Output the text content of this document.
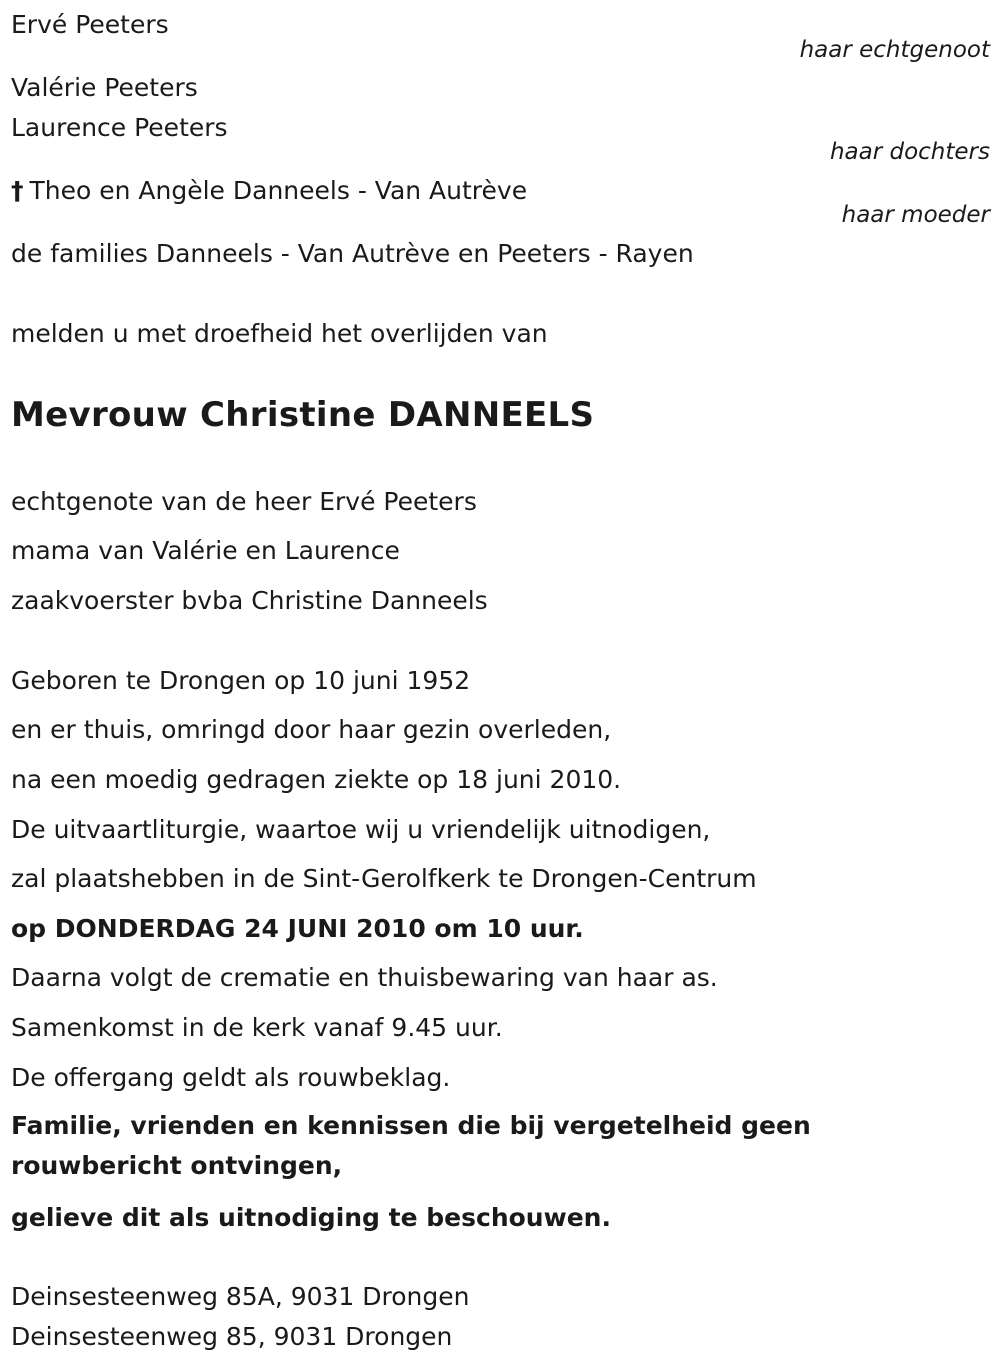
Ervé Peeters
haar echtgenoot
Valérie Peeters
Laurence Peeters
haar dochters
† Theo en Angèle Danneels - Van Autrève
haar moeder
de families Danneels - Van Autrève en Peeters - Rayen
melden u met droefheid het overlijden van
Mevrouw Christine DANNEELS
echtgenote van de heer Ervé Peeters
mama van Valérie en Laurence
zaakvoerster bvba Christine Danneels
Geboren te Drongen op 10 juni 1952
en er thuis, omringd door haar gezin overleden,
na een moedig gedragen ziekte op 18 juni 2010.
De uitvaartliturgie, waartoe wij u vriendelijk uitnodigen,
zal plaatshebben in de Sint-Gerolfkerk te Drongen-Centrum
op DONDERDAG 24 JUNI 2010 om 10 uur.
Daarna volgt de crematie en thuisbewaring van haar as.
Samenkomst in de kerk vanaf 9.45 uur.
De offergang geldt als rouwbeklag.
Familie, vrienden en kennissen die bij vergetelheid geen rouwbericht ontvingen,
gelieve dit als uitnodiging te beschouwen.
Deinsesteenweg 85A, 9031 Drongen
Deinsesteenweg 85, 9031 Drongen
